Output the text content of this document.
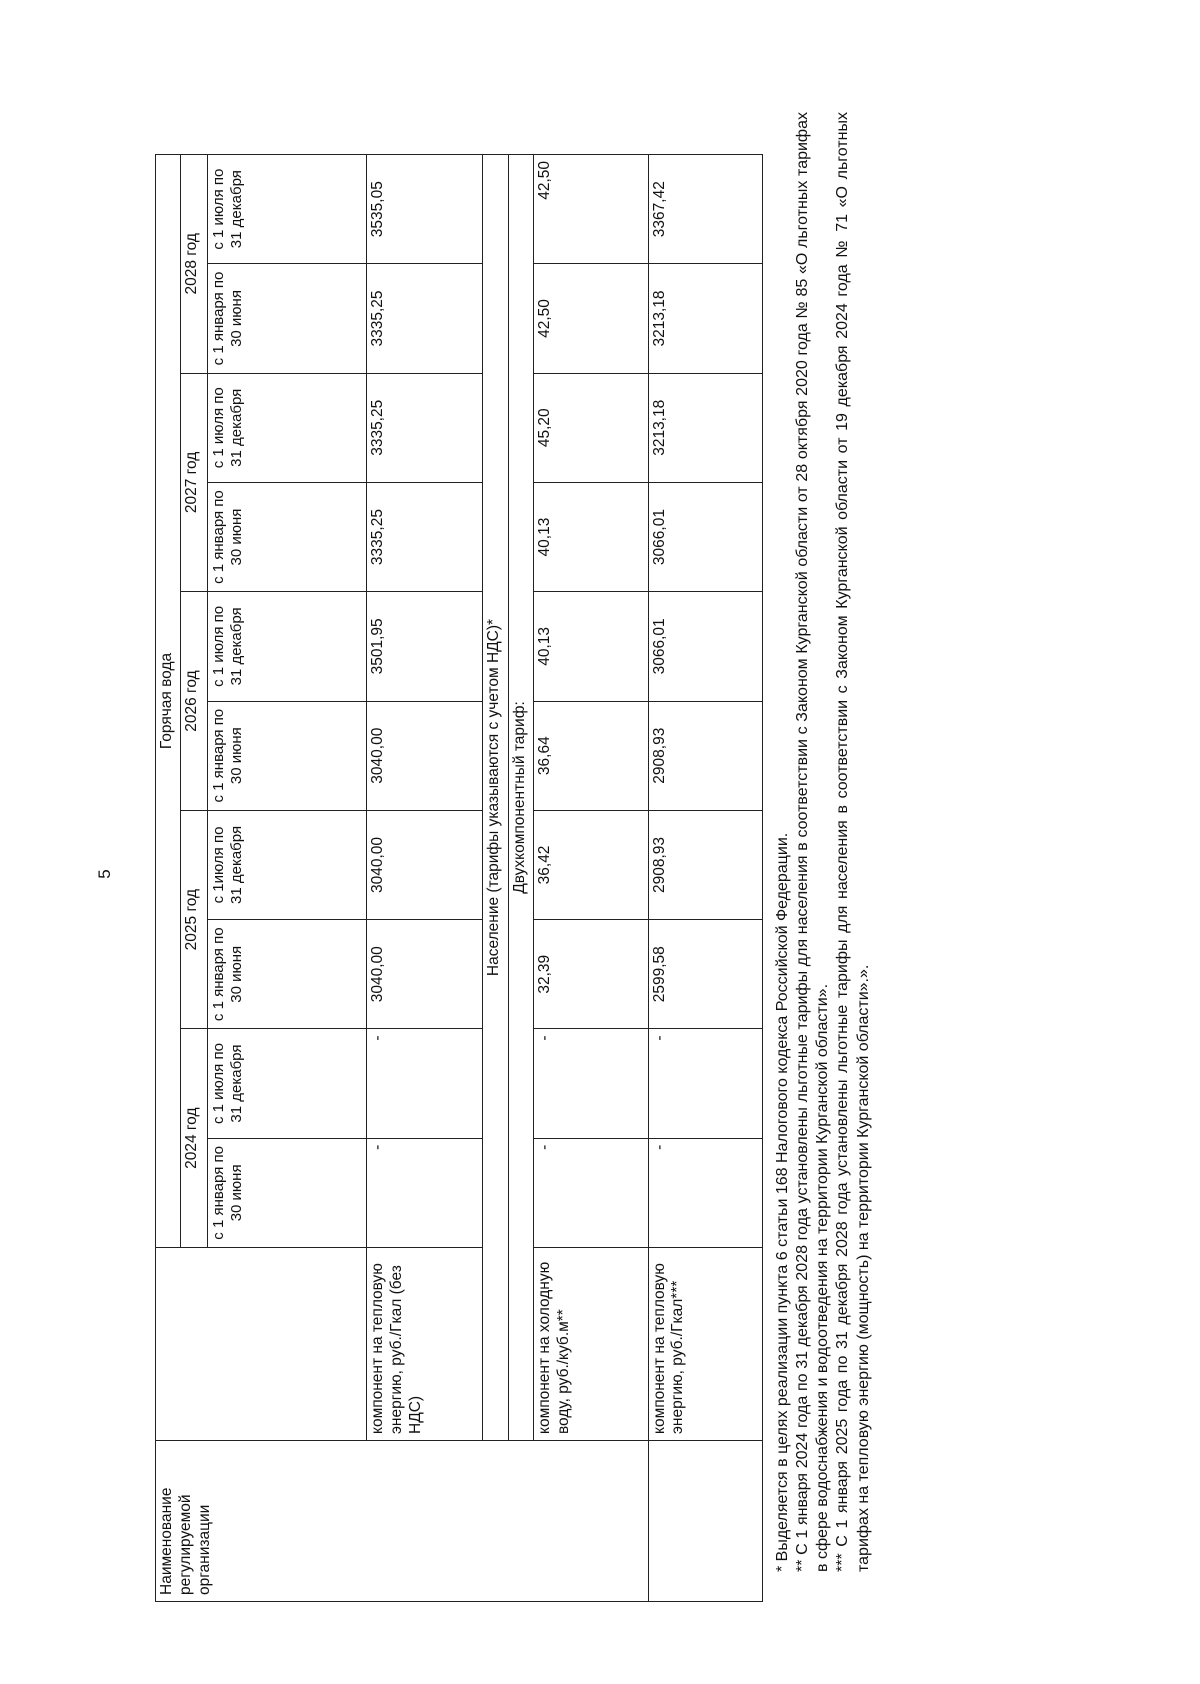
5
Наименование регулируемой организации		Горячая вода									
		2024 год		2025 год		2026 год		2027 год		2028 год	
		с 1 января по 30 июня	с 1 июля по 31 декабря	с 1 января по 30 июня	с 1июля по 31 декабря	с 1 января по 30 июня	с 1 июля по 31 декабря	с 1 января по 30 июня	с 1 июля по 31 декабря	с 1 января по 30 июня	с 1 июля по 31 декабря
	компонент на тепловую энергию, руб./Гкал (без НДС)	-	-	3040,00	3040,00	3040,00	3501,95	3335,25	3335,25	3335,25	3535,05
	Население (тарифы указываются с учетом НДС)*										
	Двухкомпонентный тариф:										
	компонент на холодную воду, руб./куб.м**	-	-	32,39	36,42	36,64	40,13	40,13	45,20	42,50	42,50
	компонент на тепловую энергию, руб./Гкал***	-	-	2599,58	2908,93	2908,93	3066,01	3066,01	3213,18	3213,18	3367,42

* Выделяется в целях реализации пункта 6 статьи 168 Налогового кодекса Российской Федерации. ** С 1 января 2024 года по 31 декабря 2028 года установлены льготные тарифы для населения в соответствии с Законом Курганской области от 28 октября 2020 года № 85 «О льготных тарифах в сфере водоснабжения и водоотведения на территории Курганской области». *** С 1 января 2025 года по 31 декабря 2028 года установлены льготные тарифы для населения в соответствии с Законом Курганской области от 19 декабря 2024 года № 71 «О льготных тарифах на тепловую энергию (мощность) на территории Курганской области».».
